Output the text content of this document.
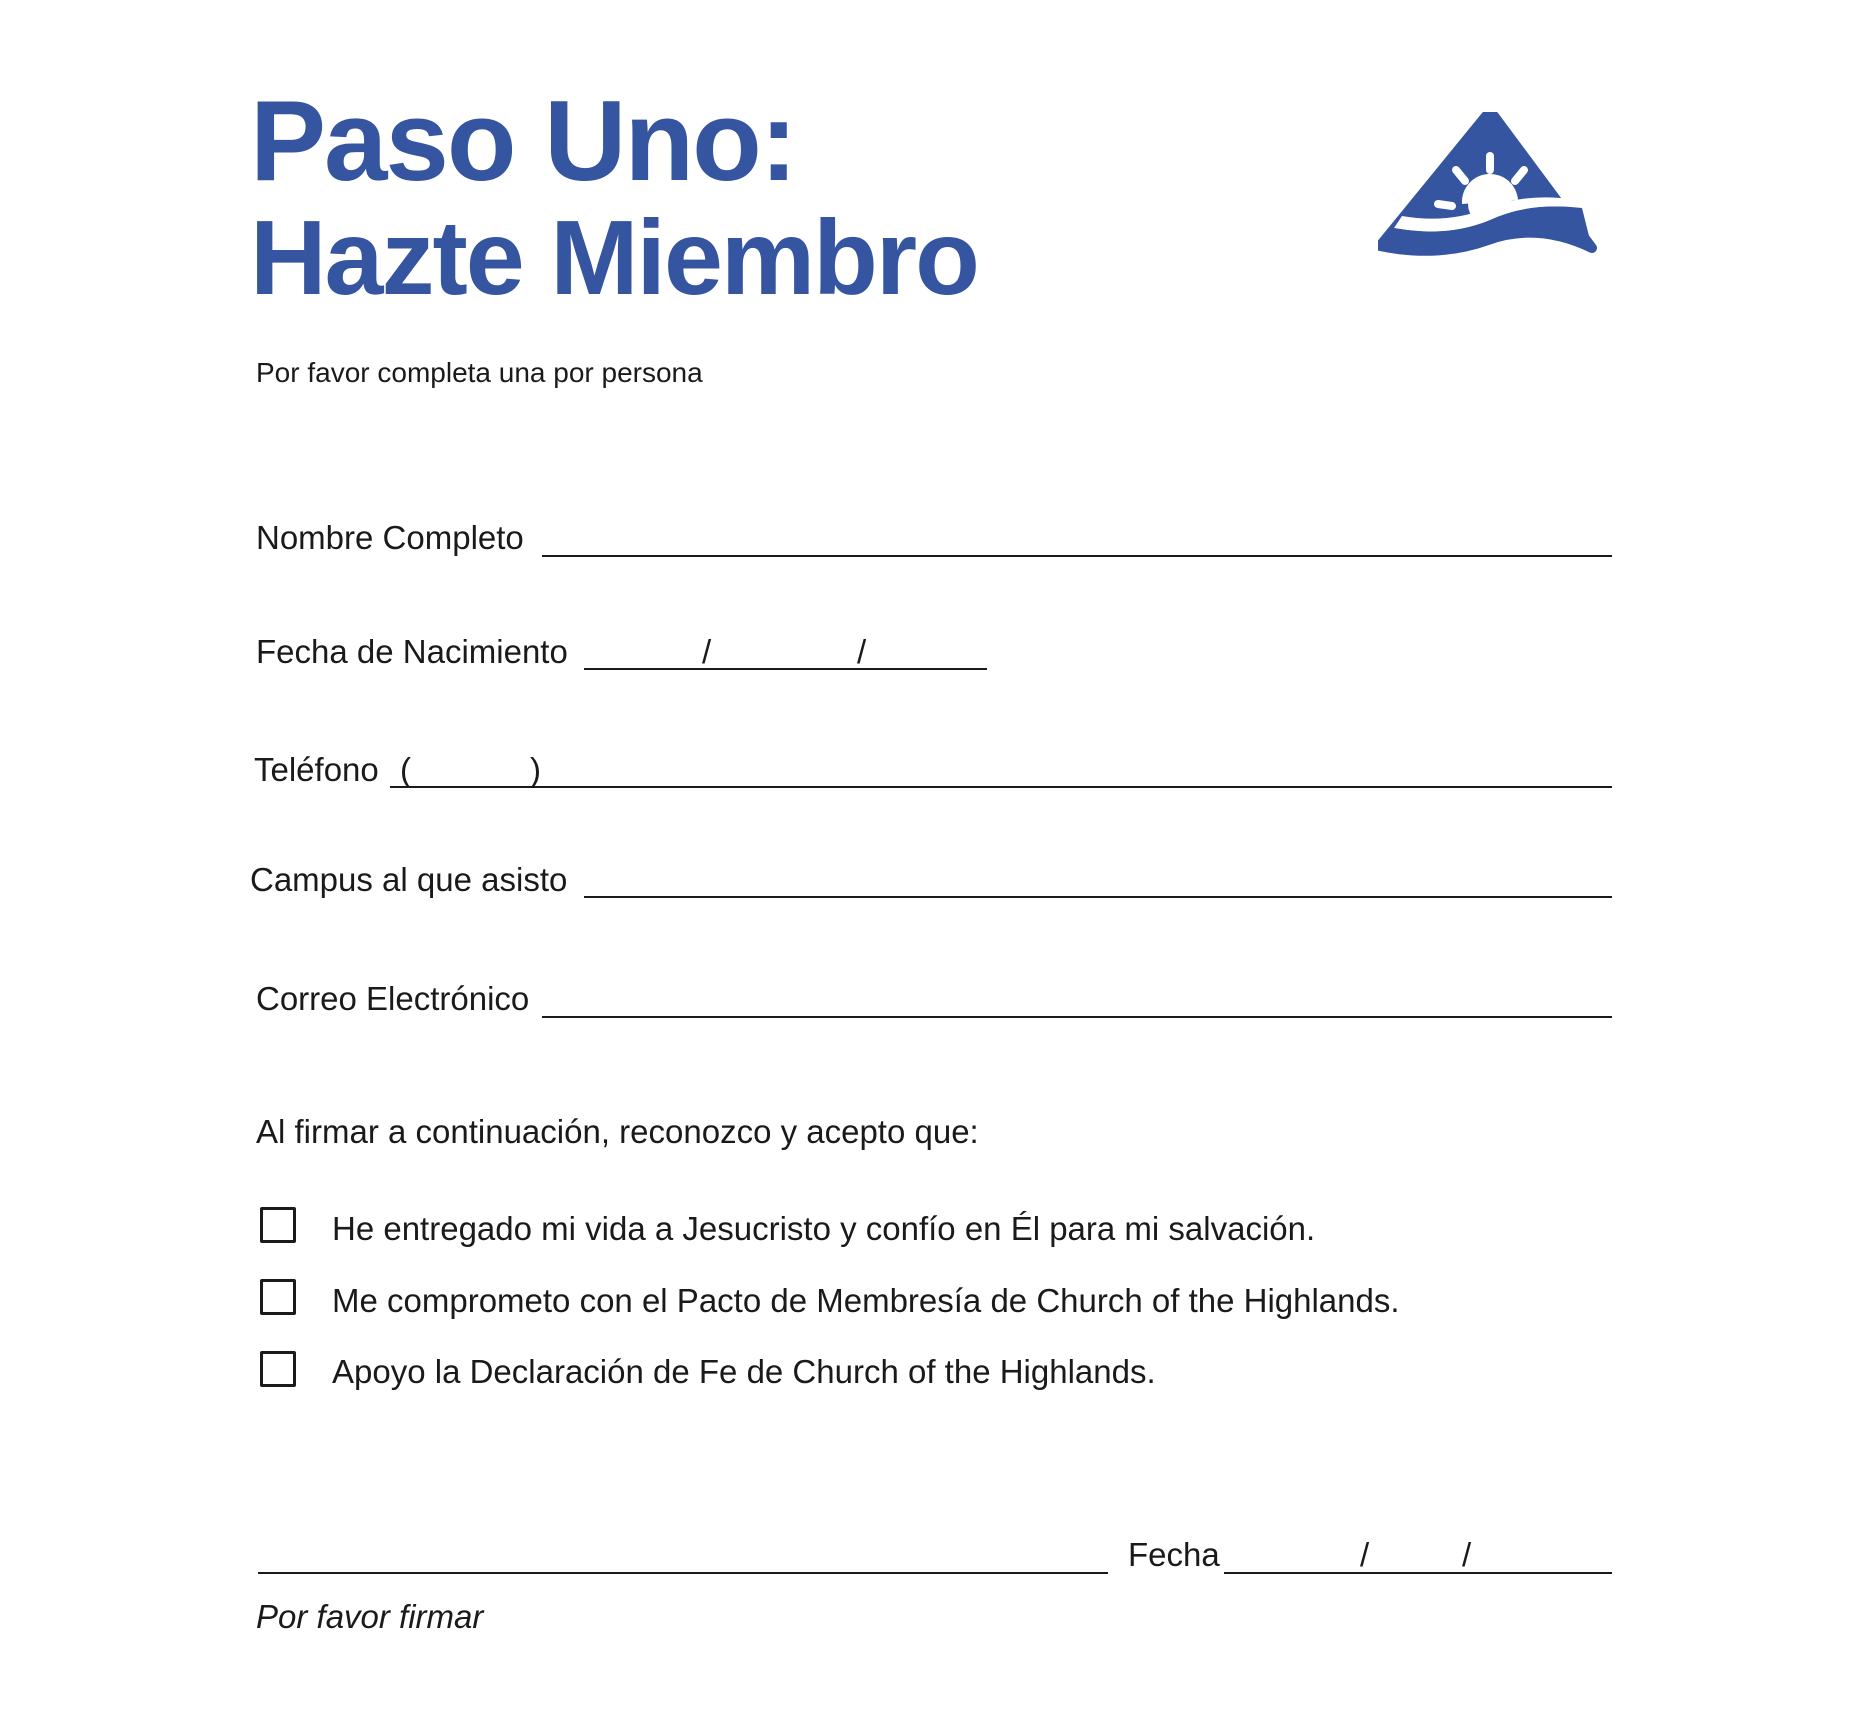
Paso Uno:
Hazte Miembro
Por favor completa una por persona
Nombre Completo
Fecha de Nacimiento	/	/
Teléfono (	)
Campus al que asisto
Correo Electrónico
Al firmar a continuación, reconozco y acepto que:
He entregado mi vida a Jesucristo y confío en Él para mi salvación.
Me comprometo con el Pacto de Membresía de Church of the Highlands.
Apoyo la Declaración de Fe de Church of the Highlands.
Fecha	/	/
Por favor firmar
